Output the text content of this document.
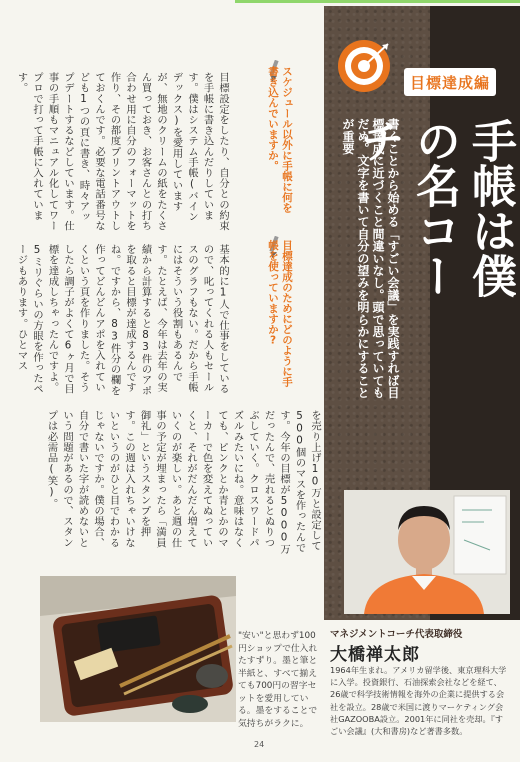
目標達成編
手帳は僕の名コーチ
書くことから始める「すごい会議」を実践すれば目標達成に近づくこと間違いなし。頭で思っていてもだめ。文字を書いて自分の望みを明らかにすることが重要
マネジメントコーチ代表取締役
大橋禅太郎
1964年生まれ。アメリカ留学後、東京理科大学に入学。投資銀行、石油探索会社などを経て、26歳で科学技術情報を海外の企業に提供する会社を設立。28歳で米国に渡りマーケティング会社GAZOOBA設立。2001年に同社を売却。『すごい会議』(大和書房)など著書多数。
スケジュール以外に手帳に何を書き込んでいますか。
目標達成のためにどのように手帳を使っていますか?
目標設定をしたり、自分との約束を手帳に書き込んだりしています。僕はシステム手帳(バインデックス)を愛用していますが、無地のクリームの紙をたくさん買っておき、お客さんとの打ち合わせ用に自分のフォーマットを作り、その都度プリントアウトしておくんです。必要な電話番号なども1つの頁に書き、時々アップデートするなどしています。仕事の手順もマニュアル化してワープロで打って手帳に入れています。
基本的に1人で仕事をしているので、叱ってくれる人もセールスのグラフもない。だから手帳にはそういう役割もあるんです。たとえば、今年は去年の実績から計算すると83件のアポを取ると目標が達成するんですね。ですから、83件分の欄を作ってどんどんアポを入れていくという頁を作りました。そうしたら調子がよくて6ヶ月で目標を達成しちゃったんですよ。5ミリぐらいの方眼を作ったページもあります。ひとマス
を売り上げ10万と設定して500個のマスを作ったんです。今年の目標が5000万だったんで、売れるとぬりつぶしていく。クロスワードパズルみたいにね。意味はなくても、ピンクとか青とかのマーカーで色を変えてぬっていくと、それがだんだん増えていくのが楽しい。あと週の仕事の予定が埋まったら「満員御礼」というスタンプを押す。この週は入れちゃいけないというのがひと目でわかるじゃないですか。僕の場合、自分で書いた字が読めないという問題があるので、スタンプは必需品(笑)。
"安い"と思わず100円ショップで仕入れたすずり。墨と筆と半紙と、すべて揃えても700円の習字セットを愛用している。墨をすることで気持ちがラクに。
24
